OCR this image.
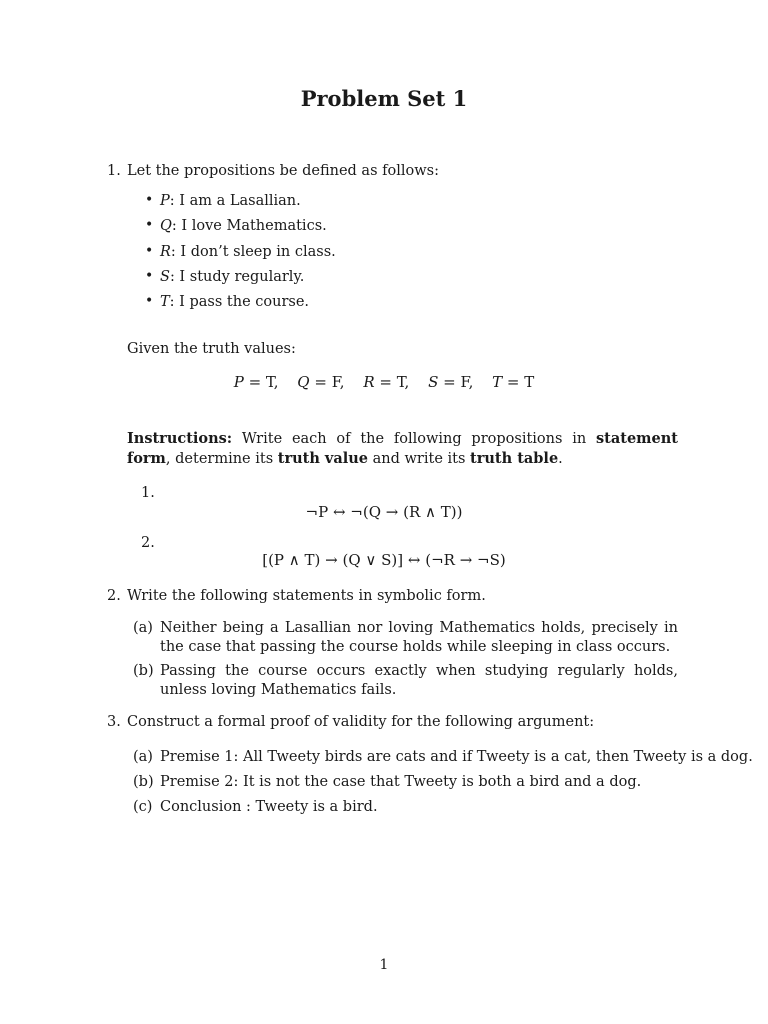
Problem Set 1
1. Let the propositions be defined as follows:
• P: I am a Lasallian.
• Q: I love Mathematics.
• R: I don’t sleep in class.
• S: I study regularly.
• T: I pass the course.
Given the truth values:
P = T, Q = F, R = T, S = F, T = T
Instructions: Write each of the following propositions in statement form, determine its truth value and write its truth table.
1.
¬P ↔ ¬(Q → (R ∧ T))
2.
[(P ∧ T) → (Q ∨ S)] ↔ (¬R → ¬S)
2. Write the following statements in symbolic form.
(a) Neither being a Lasallian nor loving Mathematics holds, precisely in the case that passing the course holds while sleeping in class occurs.
(b) Passing the course occurs exactly when studying regularly holds, unless loving Mathematics fails.
3. Construct a formal proof of validity for the following argument:
(a) Premise 1: All Tweety birds are cats and if Tweety is a cat, then Tweety is a dog.
(b) Premise 2: It is not the case that Tweety is both a bird and a dog.
(c) Conclusion : Tweety is a bird.
1
